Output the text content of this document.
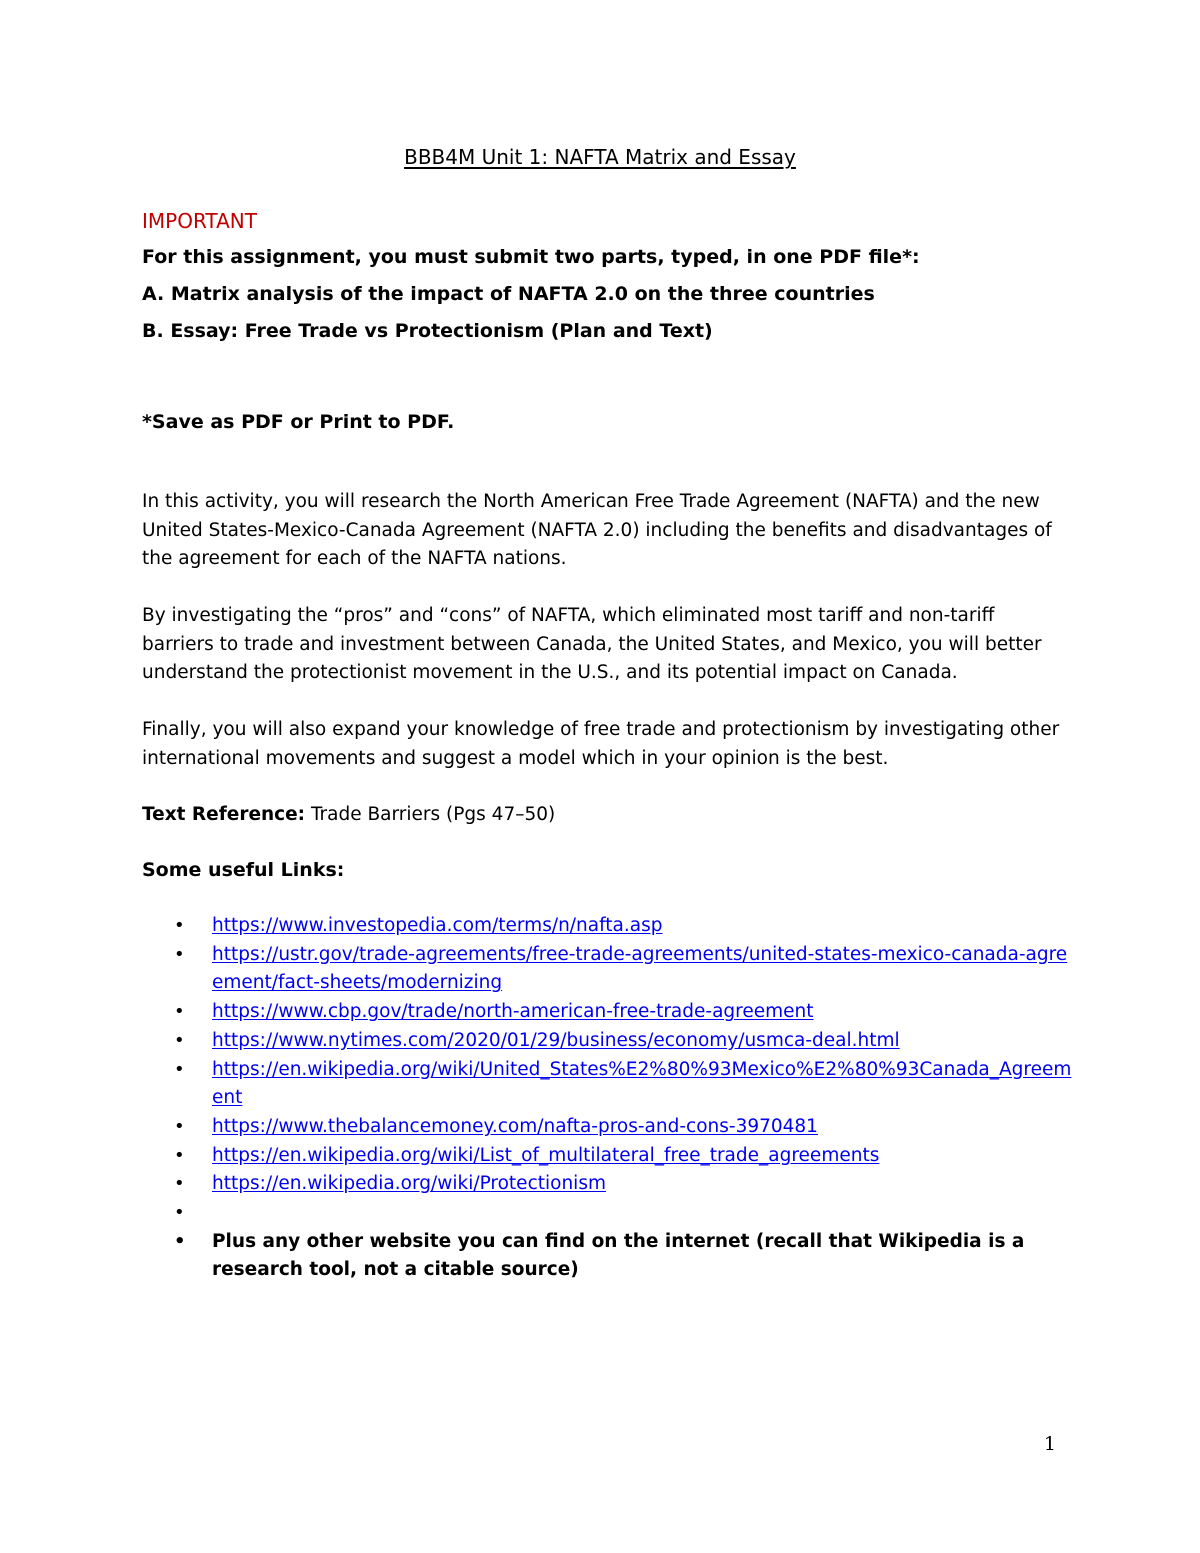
BBB4M Unit 1: NAFTA Matrix and Essay
IMPORTANT
For this assignment, you must submit two parts, typed, in one PDF file*:
A. Matrix analysis of the impact of NAFTA 2.0 on the three countries
B. Essay: Free Trade vs Protectionism (Plan and Text)
*Save as PDF or Print to PDF.
In this activity, you will research the North American Free Trade Agreement (NAFTA) and the new United States-Mexico-Canada Agreement (NAFTA 2.0) including the benefits and disadvantages of the agreement for each of the NAFTA nations.
By investigating the “pros” and “cons” of NAFTA, which eliminated most tariff and non-tariff barriers to trade and investment between Canada, the United States, and Mexico, you will better understand the protectionist movement in the U.S., and its potential impact on Canada.
Finally, you will also expand your knowledge of free trade and protectionism by investigating other international movements and suggest a model which in your opinion is the best.
Text Reference: Trade Barriers (Pgs 47–50)
Some useful Links:
• https://www.investopedia.com/terms/n/nafta.asp
• https://ustr.gov/trade-agreements/free-trade-agreements/united-states-mexico-canada-agreement/fact-sheets/modernizing
• https://www.cbp.gov/trade/north-american-free-trade-agreement
• https://www.nytimes.com/2020/01/29/business/economy/usmca-deal.html
• https://en.wikipedia.org/wiki/United_States%E2%80%93Mexico%E2%80%93Canada_Agreement
• https://www.thebalancemoney.com/nafta-pros-and-cons-3970481
• https://en.wikipedia.org/wiki/List_of_multilateral_free_trade_agreements
• https://en.wikipedia.org/wiki/Protectionism
•

• Plus any other website you can find on the internet (recall that Wikipedia is a research tool, not a citable source)
1
